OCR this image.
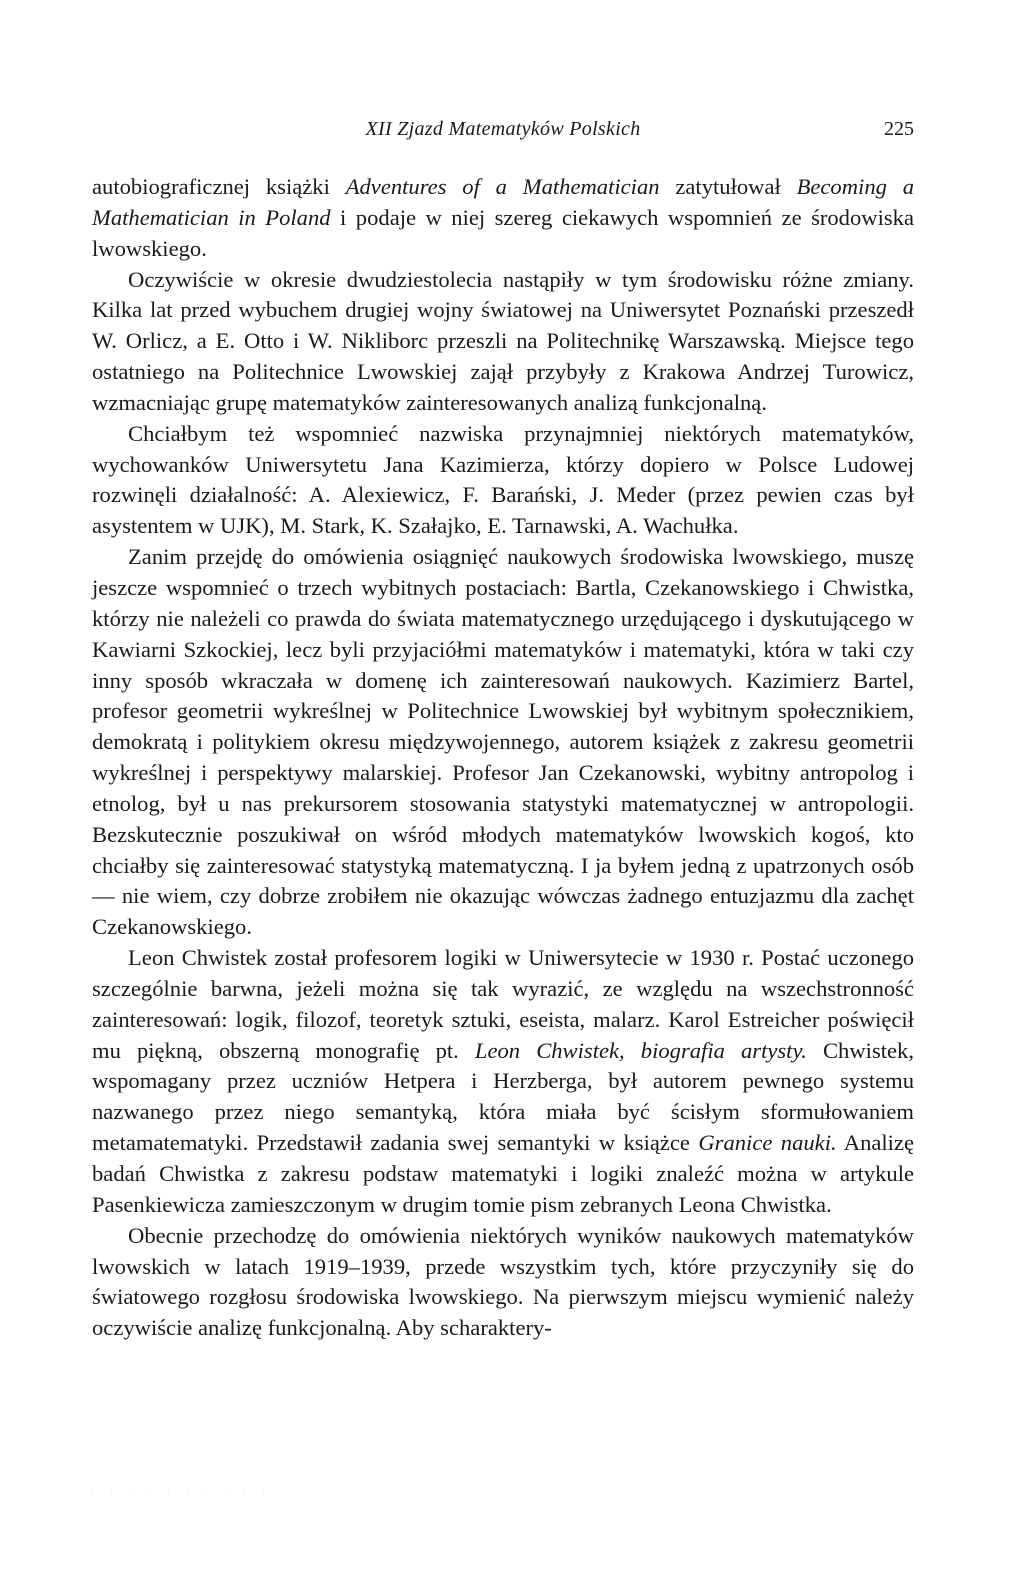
XII Zjazd Matematyków Polskich	225

autobiograficznej książki Adventures of a Mathematician zatytułował Becoming a Mathematician in Poland i podaje w niej szereg ciekawych wspomnień ze środowiska lwowskiego.

Oczywiście w okresie dwudziestolecia nastąpiły w tym środowisku różne zmiany. Kilka lat przed wybuchem drugiej wojny światowej na Uniwersytet Poznański przeszedł W. Orlicz, a E. Otto i W. Nikliborc przeszli na Politechnikę Warszawską. Miejsce tego ostatniego na Politechnice Lwowskiej zajął przybyły z Krakowa Andrzej Turowicz, wzmacniając grupę matematyków zainteresowanych analizą funkcjonalną.

Chciałbym też wspomnieć nazwiska przynajmniej niektórych matematyków, wychowanków Uniwersytetu Jana Kazimierza, którzy dopiero w Polsce Ludowej rozwinęli działalność: A. Alexiewicz, F. Barański, J. Meder (przez pewien czas był asystentem w UJK), M. Stark, K. Szałajko, E. Tarnawski, A. Wachułka.

Zanim przejdę do omówienia osiągnięć naukowych środowiska lwowskiego, muszę jeszcze wspomnieć o trzech wybitnych postaciach: Bartla, Czekanowskiego i Chwistka, którzy nie należeli co prawda do świata matematycznego urzędującego i dyskutującego w Kawiarni Szkockiej, lecz byli przyjaciółmi matematyków i matematyki, która w taki czy inny sposób wkraczała w domenę ich zainteresowań naukowych. Kazimierz Bartel, profesor geometrii wykreślnej w Politechnice Lwowskiej był wybitnym społecznikiem, demokratą i politykiem okresu międzywojennego, autorem książek z zakresu geometrii wykreślnej i perspektywy malarskiej. Profesor Jan Czekanowski, wybitny antropolog i etnolog, był u nas prekursorem stosowania statystyki matematycznej w antropologii. Bezskutecznie poszukiwał on wśród młodych matematyków lwowskich kogoś, kto chciałby się zainteresować statystyką matematyczną. I ja byłem jedną z upatrzonych osób — nie wiem, czy dobrze zrobiłem nie okazując wówczas żadnego entuzjazmu dla zachęt Czekanowskiego.

Leon Chwistek został profesorem logiki w Uniwersytecie w 1930 r. Postać uczonego szczególnie barwna, jeżeli można się tak wyrazić, ze względu na wszechstronność zainteresowań: logik, filozof, teoretyk sztuki, eseista, malarz. Karol Estreicher poświęcił mu piękną, obszerną monografię pt. Leon Chwistek, biografia artysty. Chwistek, wspomagany przez uczniów Hetpera i Herzberga, był autorem pewnego systemu nazwanego przez niego semantyką, która miała być ścisłym sformułowaniem metamatematyki. Przedstawił zadania swej semantyki w książce Granice nauki. Analizę badań Chwistka z zakresu podstaw matematyki i logiki znaleźć można w artykule Pasenkiewicza zamieszczonym w drugim tomie pism zebranych Leona Chwistka.

Obecnie przechodzę do omówienia niektórych wyników naukowych matematyków lwowskich w latach 1919–1939, przede wszystkim tych, które przyczyniły się do światowego rozgłosu środowiska lwowskiego. Na pierwszym miejscu wymienić należy oczywiście analizę funkcjonalną. Aby scharaktery-

. . . . . . . . . .
